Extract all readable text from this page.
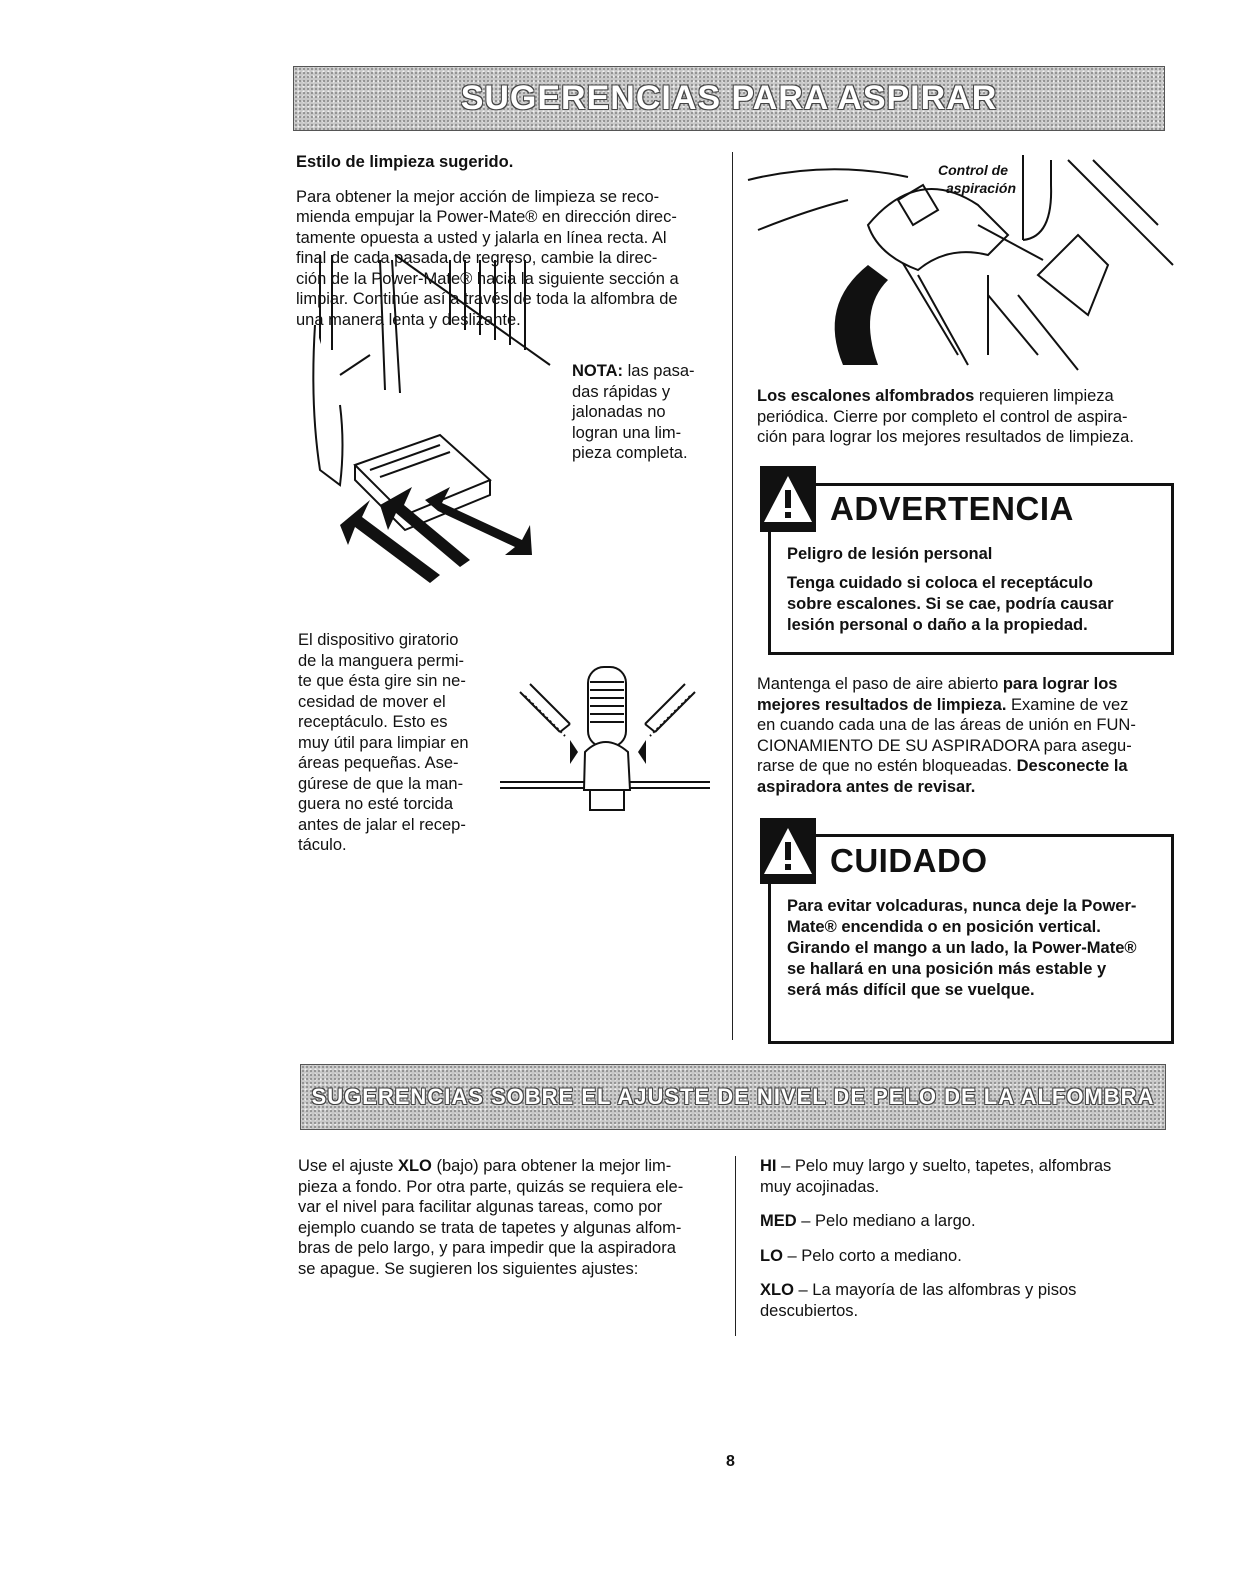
SUGERENCIAS PARA ASPIRAR

Estilo de limpieza sugerido.

Para obtener la mejor acción de limpieza se reco-

mienda empujar la Power-Mate® en dirección direc-

tamente opuesta a usted y jalarla en línea recta. Al

final de cada pasada de regreso, cambie la direc-

ción de la Power-Mate® hacia la siguiente sección a

limpiar. Continúe así a través de toda la alfombra de

una manera lenta y deslizante.

NOTA: las pasa-

das rápidas y

jalonadas no

logran una lim-

pieza completa.

El dispositivo giratorio

de la manguera permi-

te que ésta gire sin ne-

cesidad de mover el

receptáculo. Esto es

muy útil para limpiar en

áreas pequeñas. Ase-

gúrese de que la man-

guera no esté torcida

antes de jalar el recep-

táculo.

Control de
aspiración

Los escalones alfombrados requieren limpieza

periódica. Cierre por completo el control de aspira-

ción para lograr los mejores resultados de limpieza.

ADVERTENCIA

Peligro de lesión personal

Tenga cuidado si coloca el receptáculo

sobre escalones. Si se cae, podría causar

lesión personal o daño a la propiedad.

Mantenga el paso de aire abierto para lograr los

mejores resultados de limpieza. Examine de vez

en cuando cada una de las áreas de unión en FUN-

CIONAMIENTO DE SU ASPIRADORA para asegu-

rarse de que no estén bloqueadas. Desconecte la

aspiradora antes de revisar.

CUIDADO

Para evitar volcaduras, nunca deje la Power-

Mate® encendida o en posición vertical.

Girando el mango a un lado, la Power-Mate®

se hallará en una posición más estable y

será más difícil que se vuelque.

SUGERENCIAS SOBRE EL AJUSTE DE NIVEL DE PELO DE LA ALFOMBRA

Use el ajuste XLO (bajo) para obtener la mejor lim-

pieza a fondo. Por otra parte, quizás se requiera ele-

var el nivel para facilitar algunas tareas, como por

ejemplo cuando se trata de tapetes y algunas alfom-

bras de pelo largo, y para impedir que la aspiradora

se apague. Se sugieren los siguientes ajustes:

HI – Pelo muy largo y suelto, tapetes, alfombras

muy acojinadas.

MED – Pelo mediano a largo.

LO – Pelo corto a mediano.

XLO – La mayoría de las alfombras y pisos

descubiertos.

8
